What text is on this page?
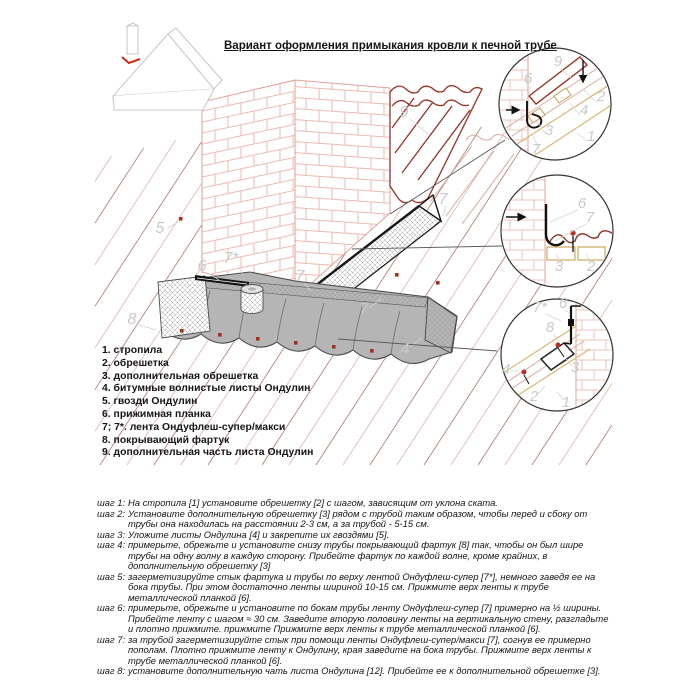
5
6 7*
7
9
7
7
4
8
9
6
2
4
3 1
7
6
7
3 2
7* 6
8
4	3
2 1
Вариант оформления примыкания кровли к печной трубе
1. стропила
2. обрешетка
3. дополнительная обрешетка
4. битумные волнистые листы Ондулин
5. гвозди Ондулин
6. прижимная планка
7; 7*. лента Ондуфлеш-супер/макси
8. покрывающий фартук
9. дополнительная часть листа Ондулин
шаг 1: На стропила [1] установите обрешетку [2] с шагом, зависящим от уклона ската.
шаг 2: Установите дополнительную обрешетку [3] рядом с трубой таким образом, чтобы перед и сбоку от трубы она находилась на расстоянии 2-3 см, а за трубой - 5-15 см.
шаг 3: Уложите листы Ондулина [4] и закрепите их гвоздями [5].
шаг 4: примерьте, обрежьте и установите снизу трубы покрывающий фартук [8] так, чтобы он был шире трубы на одну волну в каждую сторону. Прибейте фартук по каждой волне, кроме крайних, в дополнительную обрешетку [3]
шаг 5: загерметизируйте стык фартука и трубы по верху лентой Ондуфлеш-супер [7*], немного заведя ее на бока трубы. При этом достаточно ленты шириной 10-15 см. Прижмите верх ленты к трубе металлической планкой [6].
шаг 6: примерьте, обрежьте и установите по бокам трубы ленту Ондуфлеш-супер [7] примерно на ½ ширины. Прибейте ленту с шагом ≈ 30 см. Заведите вторую половину ленты на вертикальную стену, разгладьте и плотно прижмите. прижмите Прижмите верх ленты к трубе металлической планкой [6].
шаг 7: за трубой загерметизируйте стык при помощи ленты Ондуфлеш-супер/макси [7], согнув ее примерно пополам. Плотно прижмите ленту к Ондулину, края заведите на бока трубы. Прижмите верх ленты к трубе металлической планкой [6].
шаг 8: установите дополнительную чать листа Ондулина [12]. Прибейте ее к дополнительной обрешетке [3].
